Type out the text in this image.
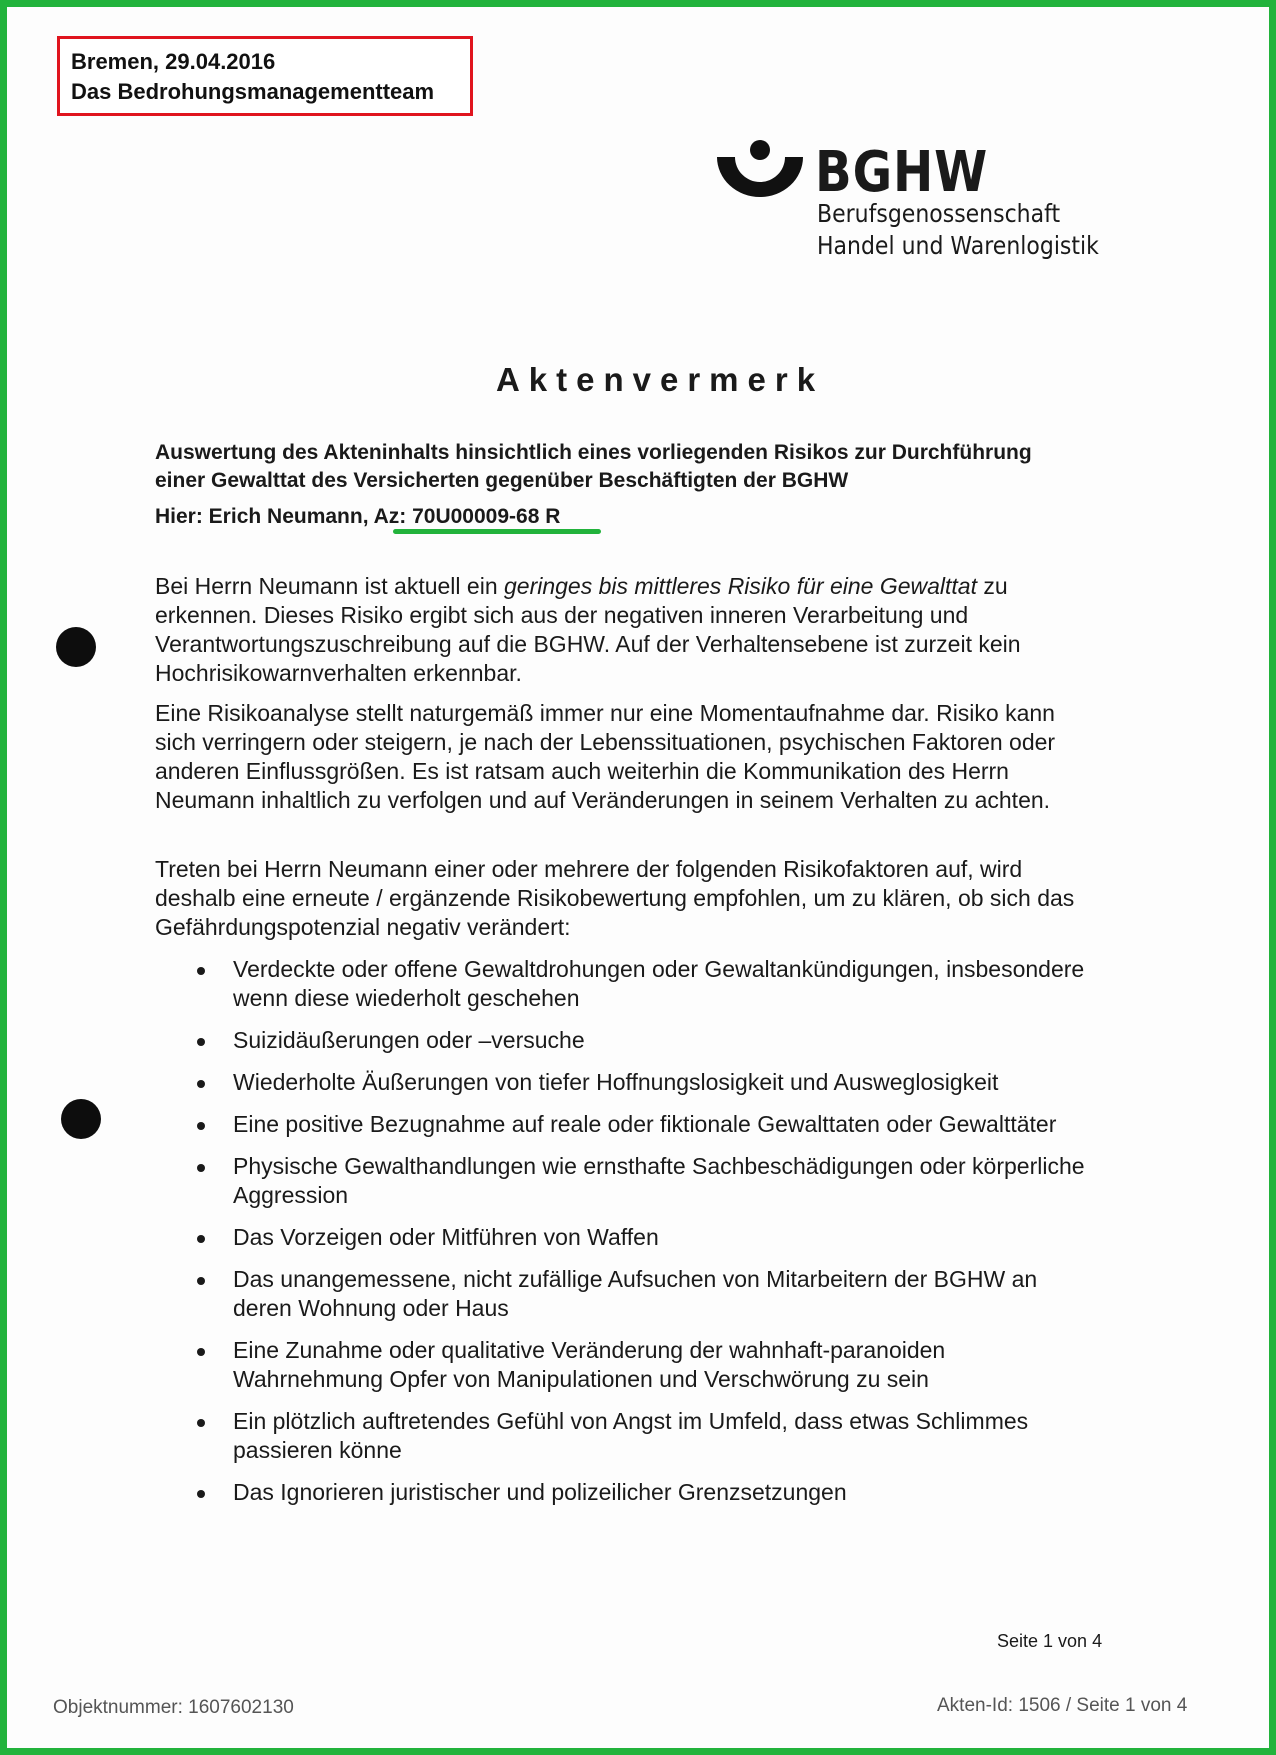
Bremen, 29.04.2016
Das Bedrohungsmanagementteam
BGHW
Berufsgenossenschaft
Handel und Warenlogistik
Aktenvermerk
Auswertung des Akteninhalts hinsichtlich eines vorliegenden Risikos zur Durchführung einer Gewalttat des Versicherten gegenüber Beschäftigten der BGHW
Hier: Erich Neumann, Az: 70U00009-68 R
Bei Herrn Neumann ist aktuell ein geringes bis mittleres Risiko für eine Gewalttat zu erkennen. Dieses Risiko ergibt sich aus der negativen inneren Verarbeitung und Verantwortungszuschreibung auf die BGHW. Auf der Verhaltensebene ist zurzeit kein Hochrisikowarnverhalten erkennbar.
Eine Risikoanalyse stellt naturgemäß immer nur eine Momentaufnahme dar. Risiko kann sich verringern oder steigern, je nach der Lebenssituationen, psychischen Faktoren oder anderen Einflussgrößen. Es ist ratsam auch weiterhin die Kommunikation des Herrn Neumann inhaltlich zu verfolgen und auf Veränderungen in seinem Verhalten zu achten.
Treten bei Herrn Neumann einer oder mehrere der folgenden Risikofaktoren auf, wird deshalb eine erneute / ergänzende Risikobewertung empfohlen, um zu klären, ob sich das Gefährdungspotenzial negativ verändert:
Verdeckte oder offene Gewaltdrohungen oder Gewaltankündigungen, insbesondere wenn diese wiederholt geschehen
Suizidäußerungen oder –versuche
Wiederholte Äußerungen von tiefer Hoffnungslosigkeit und Ausweglosigkeit
Eine positive Bezugnahme auf reale oder fiktionale Gewalttaten oder Gewalttäter
Physische Gewalthandlungen wie ernsthafte Sachbeschädigungen oder körperliche Aggression
Das Vorzeigen oder Mitführen von Waffen
Das unangemessene, nicht zufällige Aufsuchen von Mitarbeitern der BGHW an deren Wohnung oder Haus
Eine Zunahme oder qualitative Veränderung der wahnhaft-paranoiden Wahrnehmung Opfer von Manipulationen und Verschwörung zu sein
Ein plötzlich auftretendes Gefühl von Angst im Umfeld, dass etwas Schlimmes passieren könne
Das Ignorieren juristischer und polizeilicher Grenzsetzungen
Seite 1 von 4
Objektnummer: 1607602130	Akten-Id: 1506 / Seite 1 von 4
